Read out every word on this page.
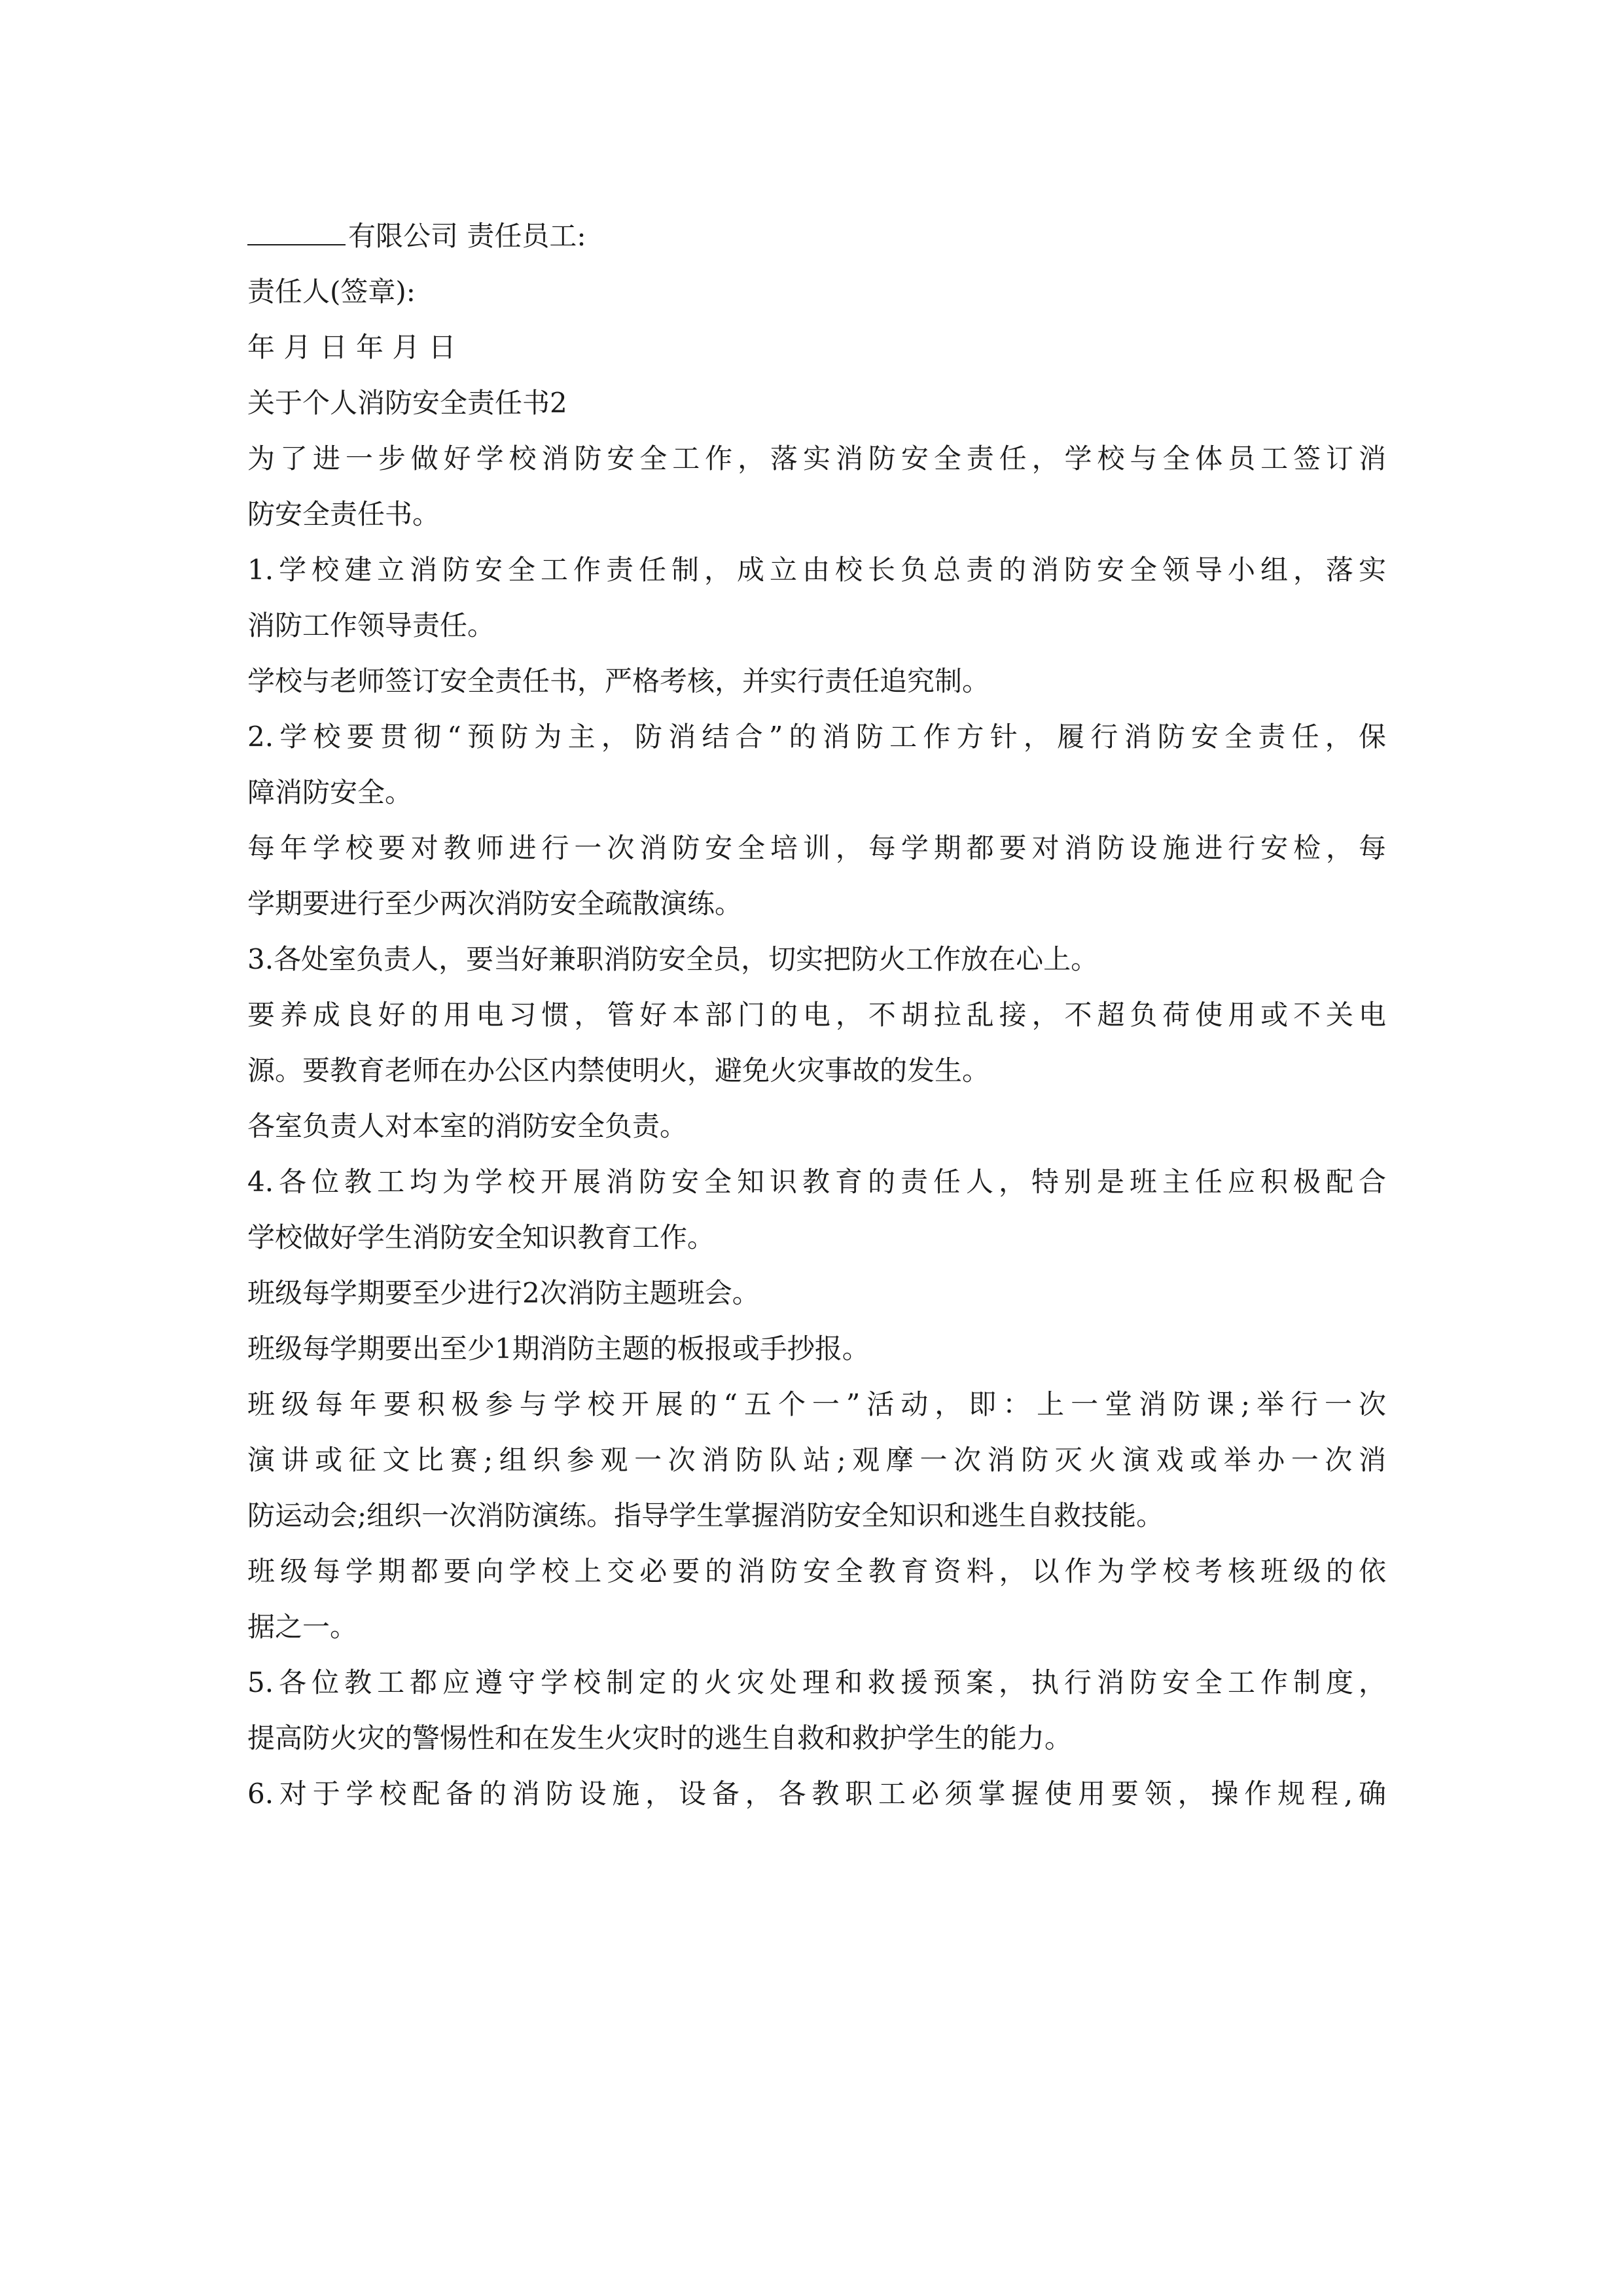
有限公司 责任员工:
责任人(签章):
年 月 日 年 月 日
关于个人消防安全责任书2
为了进一步做好学校消防安全工作，落实消防安全责任，学校与全体员工签订消
防安全责任书。
1.学校建立消防安全工作责任制，成立由校长负总责的消防安全领导小组，落实
消防工作领导责任。
学校与老师签订安全责任书，严格考核，并实行责任追究制。
2.学校要贯彻“预防为主，防消结合”的消防工作方针，履行消防安全责任，保
障消防安全。
每年学校要对教师进行一次消防安全培训，每学期都要对消防设施进行安检，每
学期要进行至少两次消防安全疏散演练。
3.各处室负责人，要当好兼职消防安全员，切实把防火工作放在心上。
要养成良好的用电习惯，管好本部门的电，不胡拉乱接，不超负荷使用或不关电
源。要教育老师在办公区内禁使明火，避免火灾事故的发生。
各室负责人对本室的消防安全负责。
4.各位教工均为学校开展消防安全知识教育的责任人，特别是班主任应积极配合
学校做好学生消防安全知识教育工作。
班级每学期要至少进行2次消防主题班会。
班级每学期要出至少1期消防主题的板报或手抄报。
班级每年要积极参与学校开展的“五个一”活动，即：上一堂消防课;举行一次
演讲或征文比赛;组织参观一次消防队站;观摩一次消防灭火演戏或举办一次消
防运动会;组织一次消防演练。指导学生掌握消防安全知识和逃生自救技能。
班级每学期都要向学校上交必要的消防安全教育资料，以作为学校考核班级的依
据之一。
5.各位教工都应遵守学校制定的火灾处理和救援预案，执行消防安全工作制度，
提高防火灾的警惕性和在发生火灾时的逃生自救和救护学生的能力。
6.对于学校配备的消防设施，设备，各教职工必须掌握使用要领，操作规程,确
